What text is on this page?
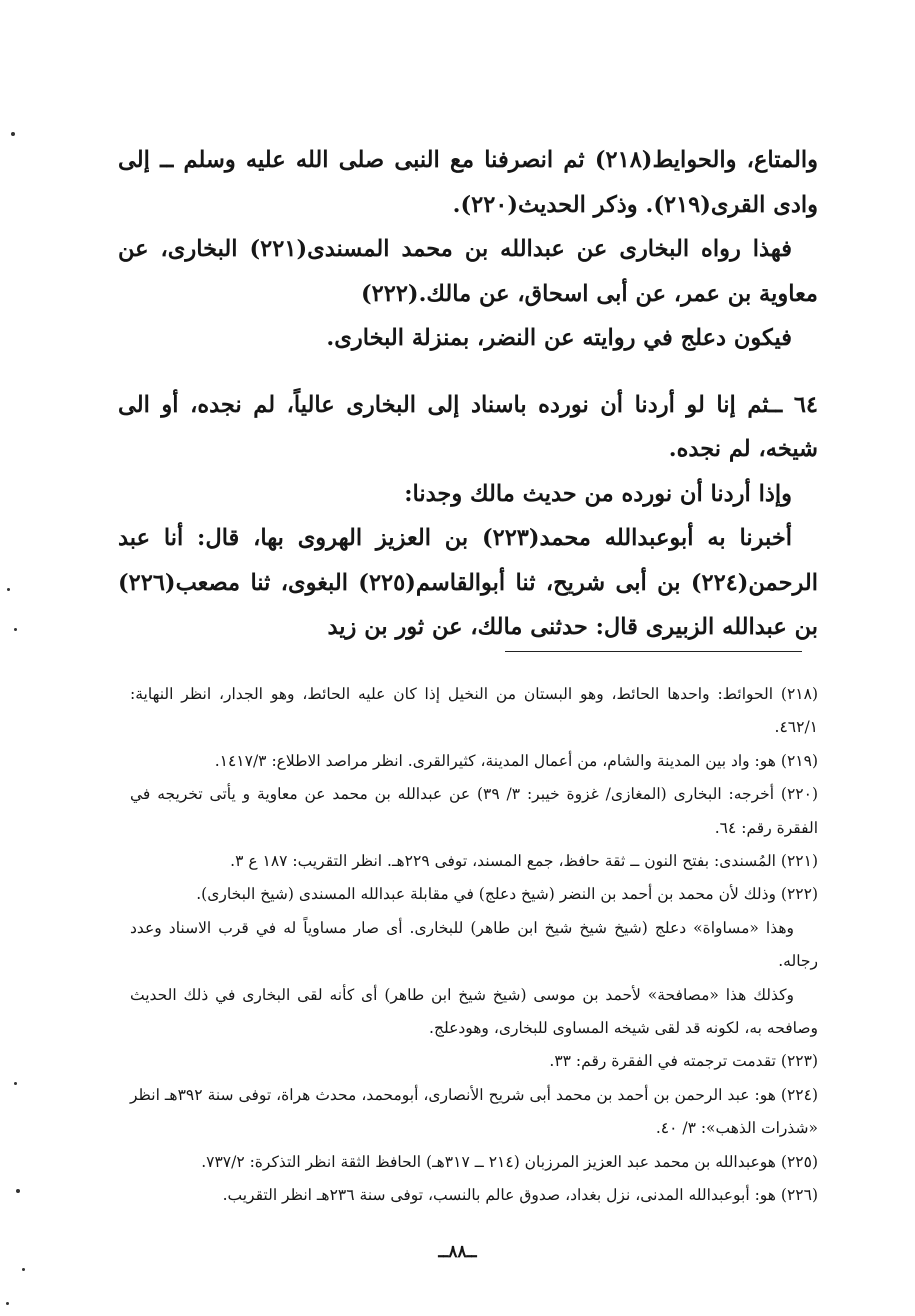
والمتاع، والحوايط(٢١٨) ثم انصرفنا مع النبى صلى الله عليه وسلم ــ إلى وادى القرى(٢١٩). وذكر الحديث(٢٢٠).

فهذا رواه البخارى عن عبدالله بن محمد المسندى(٢٢١) البخارى، عن معاوية بن عمر، عن أبى اسحاق، عن مالك.(٢٢٢)

فيكون دعلج في روايته عن النضر، بمنزلة البخارى.

٦٤ ــثم إنا لو أردنا أن نورده باسناد إلى البخارى عالياً، لم نجده، أو الى شيخه، لم نجده.

وإذا أردنا أن نورده من حديث مالك وجدنا:

أخبرنا به أبوعبدالله محمد(٢٢٣) بن العزيز الهروى بها، قال: أنا عبد الرحمن(٢٢٤) بن أبى شريح، ثنا أبوالقاسم(٢٢٥) البغوى، ثنا مصعب(٢٢٦) بن عبدالله الزبيرى قال: حدثنى مالك، عن ثور بن زيد

(٢١٨) الحوائط: واحدها الحائط، وهو البستان من النخيل إذا كان عليه الحائط، وهو الجدار، انظر النهاية: ٤٦٢/١.

(٢١٩) هو: واد بين المدينة والشام، من أعمال المدينة، كثيرالقرى. انظر مراصد الاطلاع: ١٤١٧/٣.

(٢٢٠) أخرجه: البخارى (المغازى/ غزوة خيبر: ٣/ ٣٩) عن عبدالله بن محمد عن معاوية و يأتى تخريجه في الفقرة رقم: ٦٤.

(٢٢١) المُسندى: بفتح النون ــ ثقة حافظ، جمع المسند، توفى ٢٢٩هـ. انظر التقريب: ١٨٧ ع ٣.

(٢٢٢) وذلك لأن محمد بن أحمد بن النضر (شيخ دعلج) في مقابلة عبدالله المسندى (شيخ البخارى).

وهذا «مساواة» دعلج (شيخ شيخ شيخ ابن طاهر) للبخارى. أى صار مساوياً له في قرب الاسناد وعدد رجاله.

وكذلك هذا «مصافحة» لأحمد بن موسى (شيخ شيخ ابن طاهر) أى كأنه لقى البخارى في ذلك الحديث وصافحه به، لكونه قد لقى شيخه المساوى للبخارى، وهودعلج.

(٢٢٣) تقدمت ترجمته في الفقرة رقم: ٣٣.

(٢٢٤) هو: عبد الرحمن بن أحمد بن محمد أبى شريح الأنصارى، أبومحمد، محدث هراة، توفى سنة ٣٩٢هـ انظر «شذرات الذهب»: ٣/ ٤٠.

(٢٢٥) هوعبدالله بن محمد عبد العزيز المرزبان (٢١٤ ــ ٣١٧هـ) الحافظ الثقة انظر التذكرة: ٧٣٧/٢.

(٢٢٦) هو: أبوعبدالله المدنى، نزل بغداد، صدوق عالم بالنسب، توفى سنة ٢٣٦هـ انظر التقريب.

ــ٨٨ــ
